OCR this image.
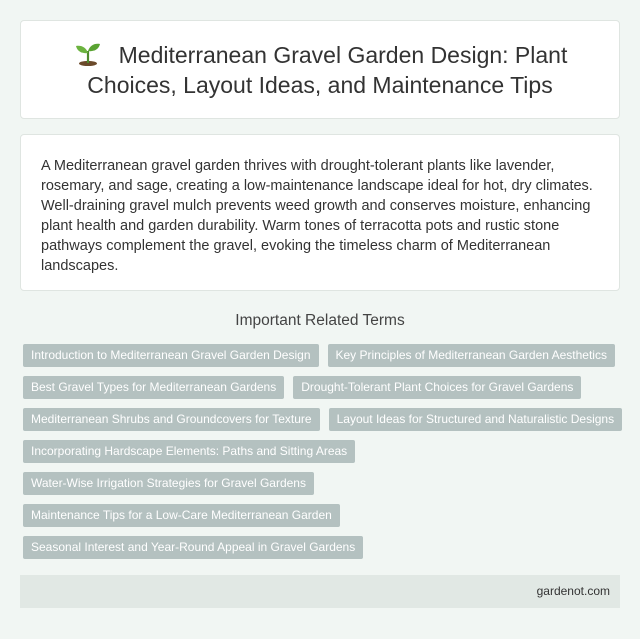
Mediterranean Gravel Garden Design: Plant Choices, Layout Ideas, and Maintenance Tips

A Mediterranean gravel garden thrives with drought-tolerant plants like lavender, rosemary, and sage, creating a low-maintenance landscape ideal for hot, dry climates. Well-draining gravel mulch prevents weed growth and conserves moisture, enhancing plant health and garden durability. Warm tones of terracotta pots and rustic stone pathways complement the gravel, evoking the timeless charm of Mediterranean landscapes.

Important Related Terms
Introduction to Mediterranean Gravel Garden Design	Key Principles of Mediterranean Garden Aesthetics
Best Gravel Types for Mediterranean Gardens	Drought-Tolerant Plant Choices for Gravel Gardens
Mediterranean Shrubs and Groundcovers for Texture	Layout Ideas for Structured and Naturalistic Designs
Incorporating Hardscape Elements: Paths and Sitting Areas
Water-Wise Irrigation Strategies for Gravel Gardens
Maintenance Tips for a Low-Care Mediterranean Garden
Seasonal Interest and Year-Round Appeal in Gravel Gardens
gardenot.com
